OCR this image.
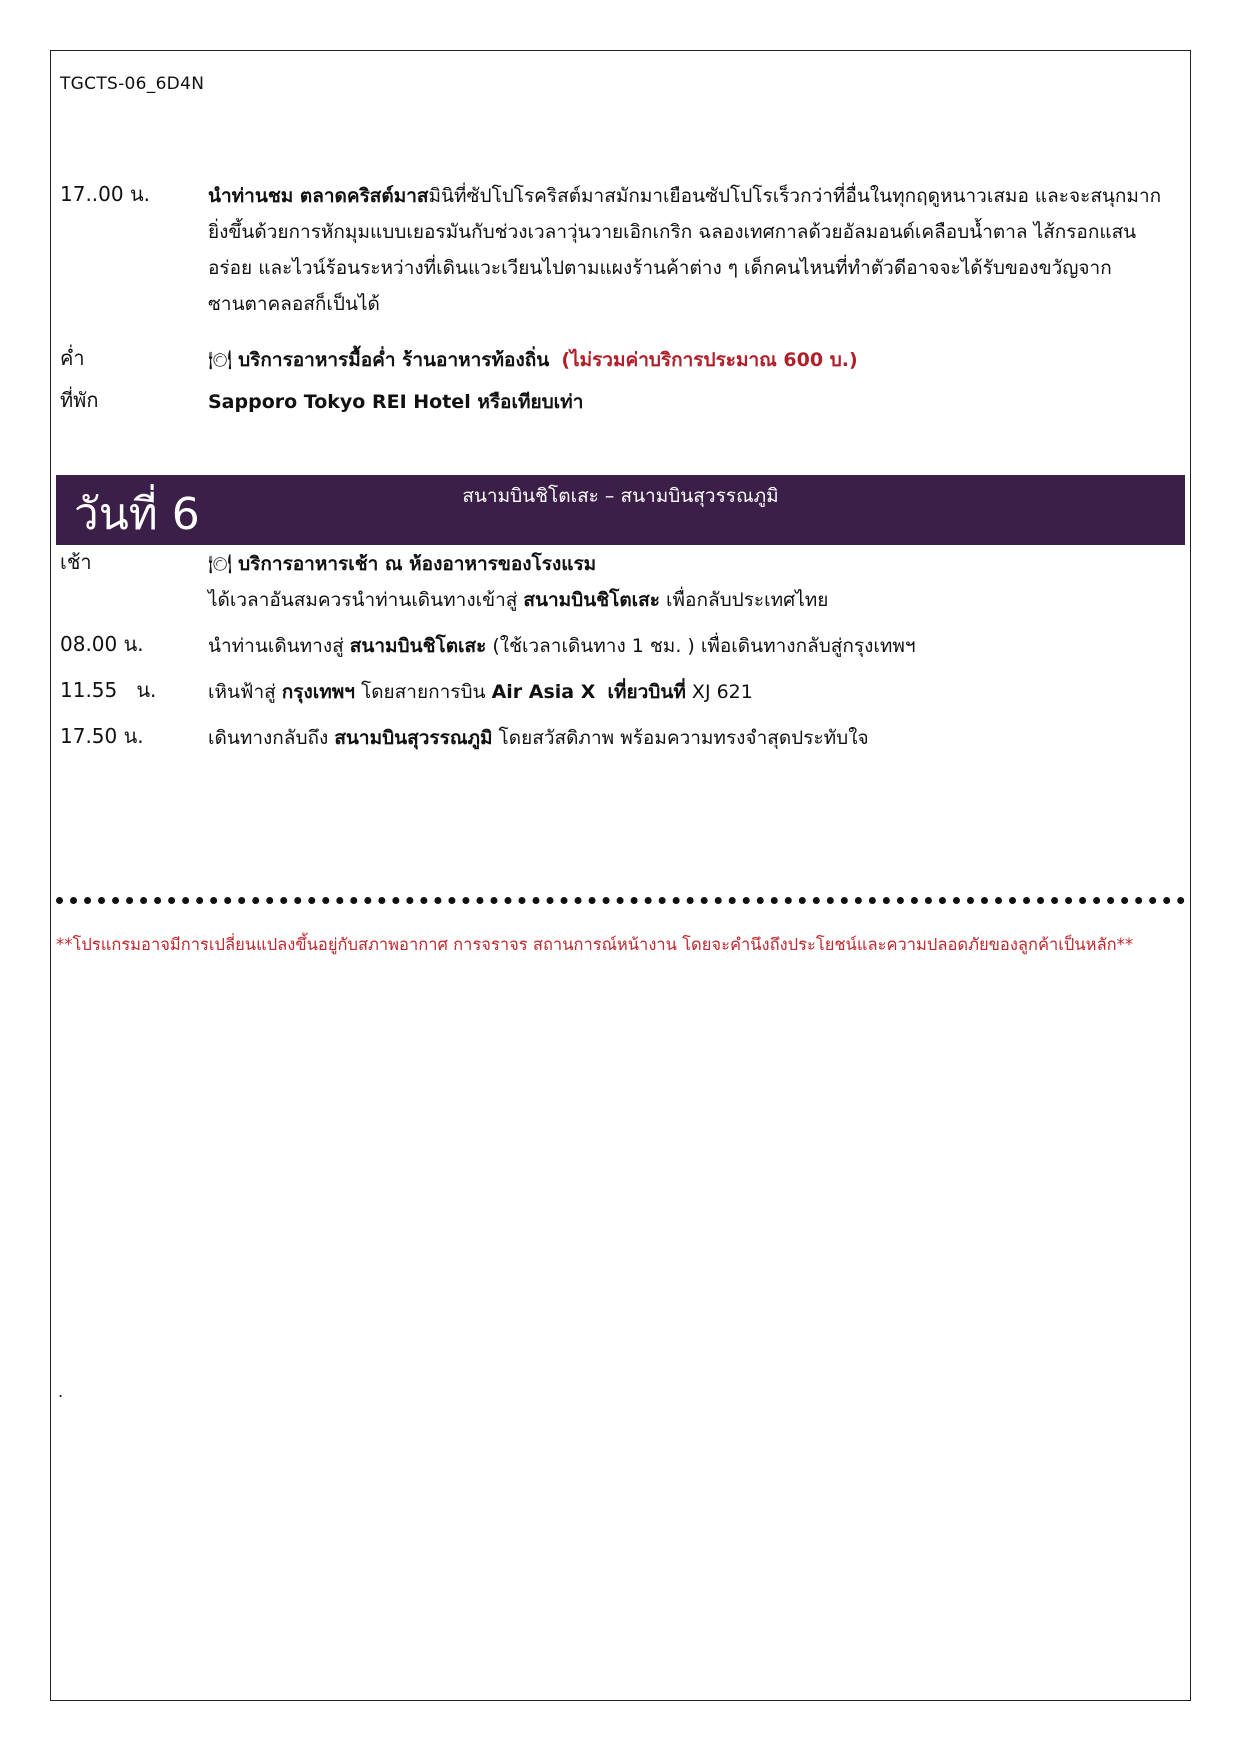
TGCTS-06_6D4N
17..00 น.	นำท่านชม ตลาดคริสต์มาสมินิที่ซัปโปโรคริสต์มาสมักมาเยือนซัปโปโรเร็วกว่าที่อื่นในทุกฤดูหนาวเสมอ และจะสนุกมาก
ยิ่งขึ้นด้วยการหักมุมแบบเยอรมันกับช่วงเวลาวุ่นวายเอิกเกริก ฉลองเทศกาลด้วยอัลมอนด์เคลือบน้ำตาล ไส้กรอกแสน
อร่อย และไวน์ร้อนระหว่างที่เดินแวะเวียนไปตามแผงร้านค้าต่าง ๆ เด็กคนไหนที่ทำตัวดีอาจจะได้รับของขวัญจาก
ซานตาคลอสก็เป็นได้
ค่ำ	🍽 บริการอาหารมื้อค่ำ ร้านอาหารท้องถิ่น (ไม่รวมค่าบริการประมาณ 600 บ.)
ที่พัก	Sapporo Tokyo REI Hotel หรือเทียบเท่า
สนามบินชิโตเสะ – สนามบินสุวรรณภูมิ
วันที่ 6
เช้า	🍽 บริการอาหารเช้า ณ ห้องอาหารของโรงแรม
ได้เวลาอันสมควรนำท่านเดินทางเข้าสู่ สนามบินชิโตเสะ เพื่อกลับประเทศไทย
08.00 น.	นำท่านเดินทางสู่ สนามบินชิโตเสะ (ใช้เวลาเดินทาง 1 ชม. ) เพื่อเดินทางกลับสู่กรุงเทพฯ
11.55   น.	เหินฟ้าสู่ กรุงเทพฯ โดยสายการบิน Air Asia X เที่ยวบินที่ XJ 621
17.50 น.	เดินทางกลับถึง สนามบินสุวรรณภูมิ โดยสวัสดิภาพ พร้อมความทรงจำสุดประทับใจ
**โปรแกรมอาจมีการเปลี่ยนแปลงขึ้นอยู่กับสภาพอากาศ การจราจร สถานการณ์หน้างาน โดยจะคำนึงถึงประโยชน์และความปลอดภัยของลูกค้าเป็นหลัก**
.
